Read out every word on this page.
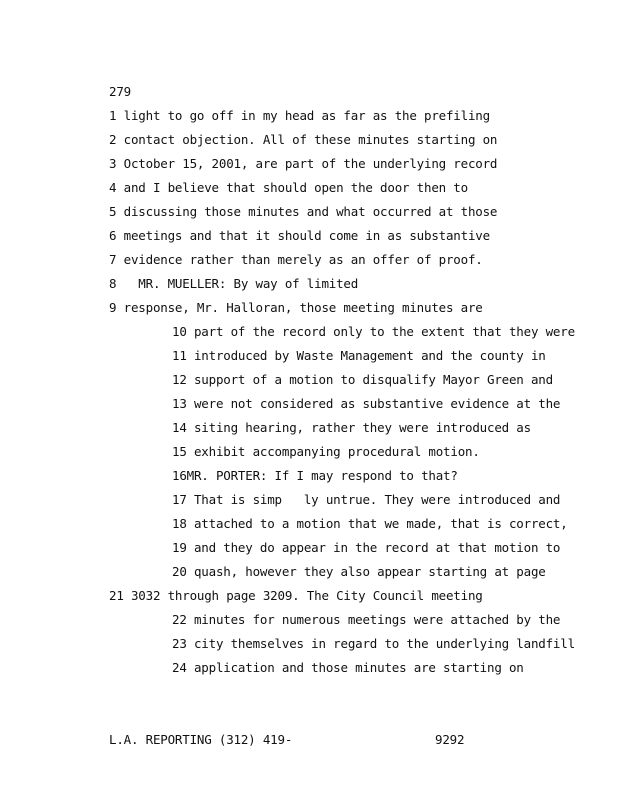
279
1 light to go off in my head as far as the prefiling
2 contact objection. All of these minutes starting on
3 October 15, 2001, are part of the underlying record
4 and I believe that should open the door then to
5 discussing those minutes and what occurred at those
6 meetings and that it should come in as substantive
7 evidence rather than merely as an offer of proof.
8   MR. MUELLER: By way of limited
9 response, Mr. Halloran, those meeting minutes are
10 part of the record only to the extent that they were
11 introduced by Waste Management and the county in
12 support of a motion to disqualify Mayor Green and
13 were not considered as substantive evidence at the
14 siting hearing, rather they were introduced as
15 exhibit accompanying procedural motion.
16MR. PORTER: If I may respond to that?
17 That is simp   ly untrue. They were introduced and
18 attached to a motion that we made, that is correct,
19 and they do appear in the record at that motion to
20 quash, however they also appear starting at page
21 3032 through page 3209. The City Council meeting
22 minutes for numerous meetings were attached by the
23 city themselves in regard to the underlying landfill
24 application and those minutes are starting on
L.A. REPORTING (312) 419-	9292
